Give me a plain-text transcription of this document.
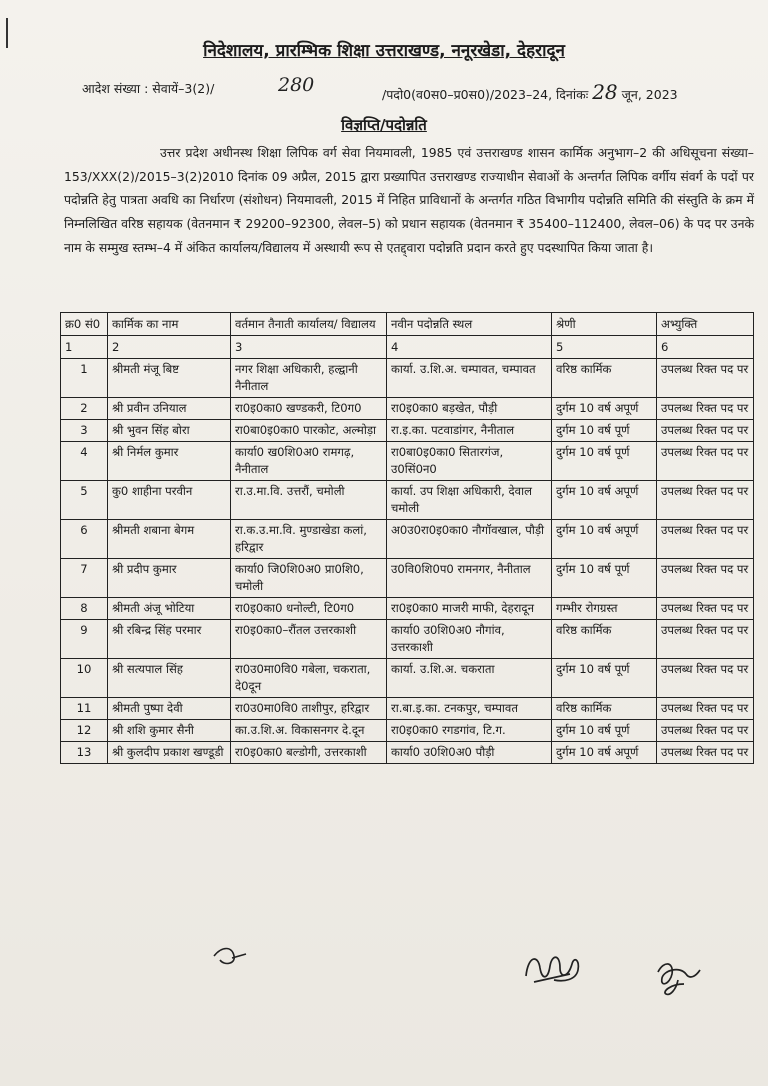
निदेशालय, प्रारम्भिक शिक्षा उत्तराखण्ड, ननूरखेडा, देहरादून
आदेश संख्या : सेवायें–3(2)/	280	/पदो0(व0स0–प्र0स0)/2023–24, दिनांकः 28 जून, 2023
विज्ञप्ति/पदोन्नति
उत्तर प्रदेश अधीनस्थ शिक्षा लिपिक वर्ग सेवा नियमावली, 1985 एवं उत्तराखण्ड शासन कार्मिक अनुभाग–2 की अधिसूचना संख्या–153/XXX(2)/2015–3(2)2010 दिनांक 09 अप्रैल, 2015 द्वारा प्रख्यापित उत्तराखण्ड राज्याधीन सेवाओं के अन्तर्गत लिपिक वर्गीय संवर्ग के पदों पर पदोन्नति हेतु पात्रता अवधि का निर्धारण (संशोधन) नियमावली, 2015 में निहित प्राविधानों के अन्तर्गत गठित विभागीय पदोन्नति समिति की संस्तुति के क्रम में निम्नलिखित वरिष्ठ सहायक (वेतनमान ₹ 29200–92300, लेवल–5) को प्रधान सहायक (वेतनमान ₹ 35400–112400, लेवल–06) के पद पर उनके नाम के सम्मुख स्तम्भ–4 में अंकित कार्यालय/विद्यालय में अस्थायी रूप से एतद्द्वारा पदोन्नति प्रदान करते हुए पदस्थापित किया जाता है।
क्र0 सं0	कार्मिक का नाम	वर्तमान तैनाती कार्यालय/ विद्यालय	नवीन पदोन्नति स्थल	श्रेणी	अभ्युक्ति
1	2	3	4	5	6
1	श्रीमती मंजू बिष्ट	नगर शिक्षा अधिकारी, हल्द्वानी नैनीताल	कार्या. उ.शि.अ. चम्पावत, चम्पावत	वरिष्ठ कार्मिक	उपलब्ध रिक्त पद पर
2	श्री प्रवीन उनियाल	रा0इ0का0 खण्डकरी, टि0ग0	रा0इ0का0 बड़खेत, पौड़ी	दुर्गम 10 वर्ष अपूर्ण	उपलब्ध रिक्त पद पर
3	श्री भुवन सिंह बोरा	रा0बा0इ0का0 पारकोट, अल्मोड़ा	रा.इ.का. पटवाडांगर, नैनीताल	दुर्गम 10 वर्ष पूर्ण	उपलब्ध रिक्त पद पर
4	श्री निर्मल कुमार	कार्या0 ख0शि0अ0 रामगढ़, नैनीताल	रा0बा0इ0का0 सितारगंज, उ0सिं0न0	दुर्गम 10 वर्ष पूर्ण	उपलब्ध रिक्त पद पर
5	कु0 शाहीना परवीन	रा.उ.मा.वि. उत्तरौं, चमोली	कार्या. उप शिक्षा अधिकारी, देवाल चमोली	दुर्गम 10 वर्ष अपूर्ण	उपलब्ध रिक्त पद पर
6	श्रीमती शबाना बेगम	रा.क.उ.मा.वि. मुण्डाखेडा कलां, हरिद्वार	अ0उ0रा0इ0का0 नौगॉवखाल, पौड़ी	दुर्गम 10 वर्ष अपूर्ण	उपलब्ध रिक्त पद पर
7	श्री प्रदीप कुमार	कार्या0 जि0शि0अ0 प्रा0शि0, चमोली	उ0वि0शि0प0 रामनगर, नैनीताल	दुर्गम 10 वर्ष पूर्ण	उपलब्ध रिक्त पद पर
8	श्रीमती अंजू भोटिया	रा0इ0का0 धनोल्टी, टि0ग0	रा0इ0का0 माजरी माफी, देहरादून	गम्भीर रोगग्रस्त	उपलब्ध रिक्त पद पर
9	श्री रबिन्द्र सिंह परमार	रा0इ0का0–रौंतल उत्तरकाशी	कार्या0 उ0शि0अ0 नौगांव, उत्तरकाशी	वरिष्ठ कार्मिक	उपलब्ध रिक्त पद पर
10	श्री सत्यपाल सिंह	रा0उ0मा0वि0 गबेला, चकराता, दे0दून	कार्या. उ.शि.अ. चकराता	दुर्गम 10 वर्ष पूर्ण	उपलब्ध रिक्त पद पर
11	श्रीमती पुष्पा देवी	रा0उ0मा0वि0 ताशीपुर, हरिद्वार	रा.बा.इ.का. टनकपुर, चम्पावत	वरिष्ठ कार्मिक	उपलब्ध रिक्त पद पर
12	श्री शशि कुमार सैनी	का.उ.शि.अ. विकासनगर दे.दून	रा0इ0का0 रगडगांव, टि.ग.	दुर्गम 10 वर्ष पूर्ण	उपलब्ध रिक्त पद पर
13	श्री कुलदीप प्रकाश खण्डूडी	रा0इ0का0 बल्डोगी, उत्तरकाशी	कार्या0 उ0शि0अ0 पौड़ी	दुर्गम 10 वर्ष अपूर्ण	उपलब्ध रिक्त पद पर
